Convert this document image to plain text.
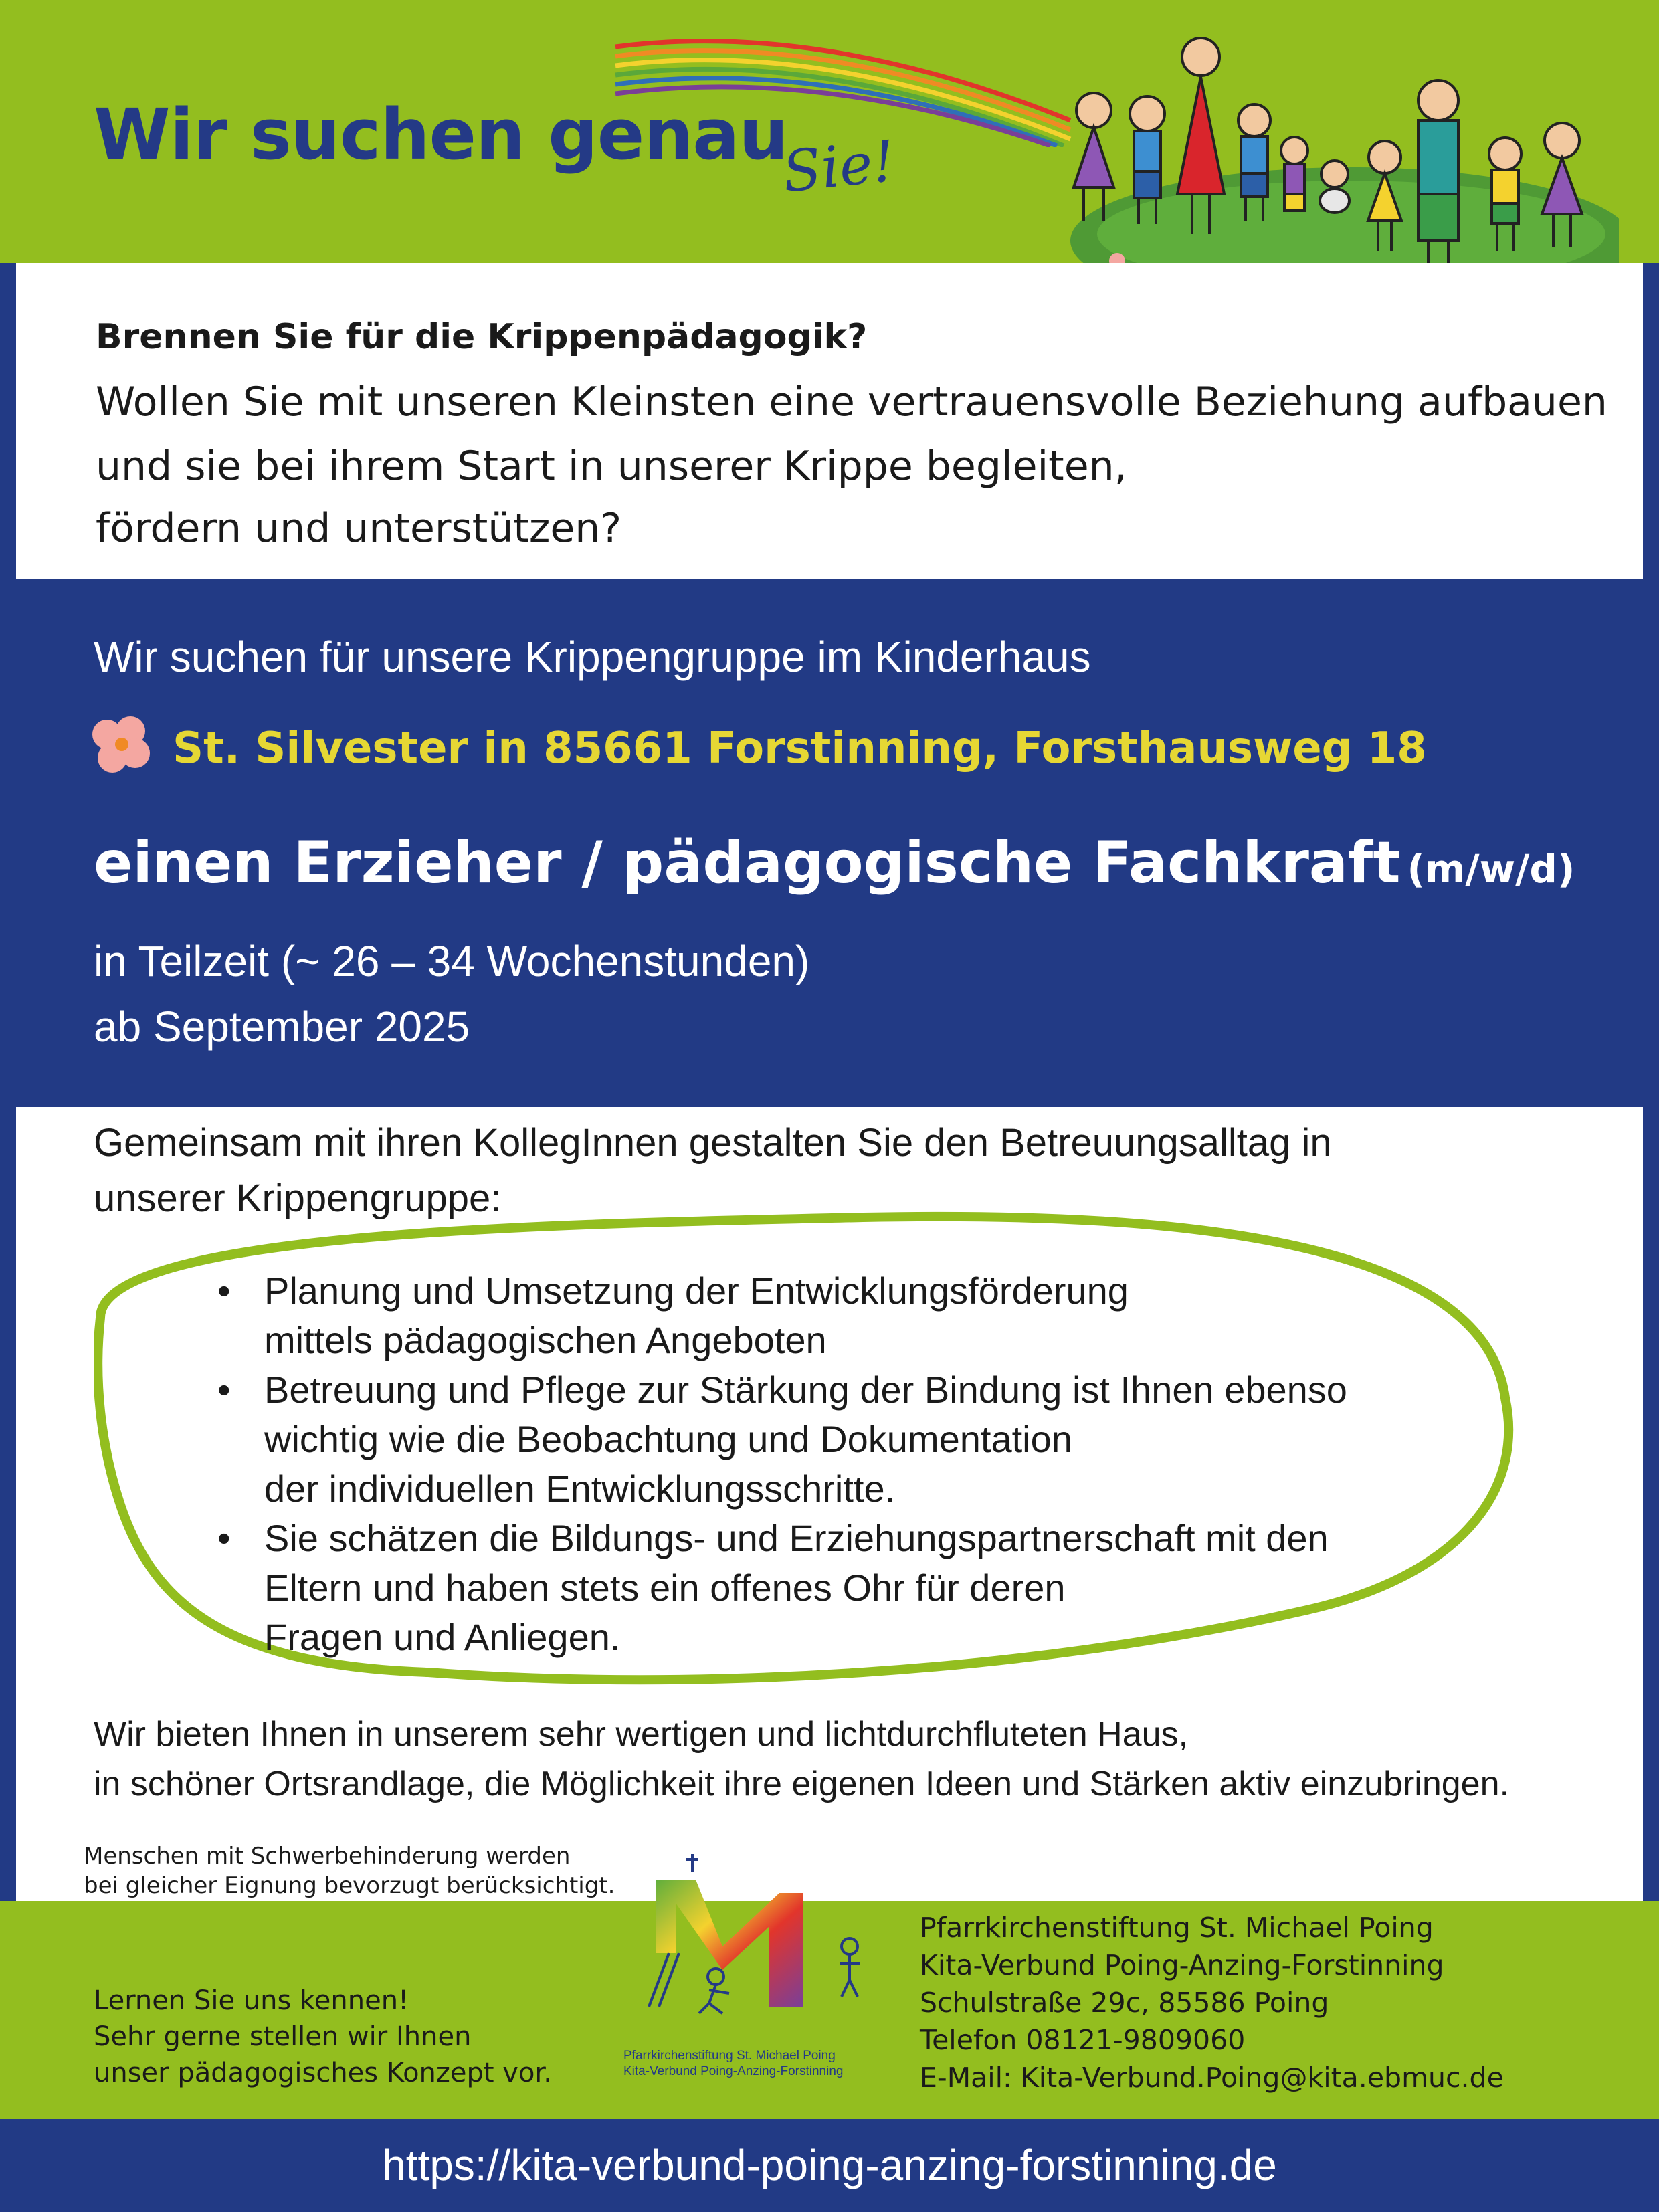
Wir suchen genau
Sie!
Brennen Sie für die Krippenpädagogik?
Wollen Sie mit unseren Kleinsten eine vertrauensvolle Beziehung aufbauen
und sie bei ihrem Start in unserer Krippe begleiten,
fördern und unterstützen?
Wir suchen für unsere Krippengruppe im Kinderhaus
St. Silvester in 85661 Forstinning, Forsthausweg 18
einen Erzieher / pädagogische Fachkraft (m/w/d)
in Teilzeit (~ 26 – 34 Wochenstunden)
ab September 2025
Gemeinsam mit ihren KollegInnen gestalten Sie den Betreuungsalltag in
unserer Krippengruppe:
• Planung und Umsetzung der Entwicklungsförderung
mittels pädagogischen Angeboten
• Betreuung und Pflege zur Stärkung der Bindung ist Ihnen ebenso
wichtig wie die Beobachtung und Dokumentation
der individuellen Entwicklungsschritte.
• Sie schätzen die Bildungs- und Erziehungspartnerschaft mit den
Eltern und haben stets ein offenes Ohr für deren
Fragen und Anliegen.
Wir bieten Ihnen in unserem sehr wertigen und lichtdurchfluteten Haus,
in schöner Ortsrandlage, die Möglichkeit ihre eigenen Ideen und Stärken aktiv einzubringen.
Menschen mit Schwerbehinderung werden
bei gleicher Eignung bevorzugt berücksichtigt.
Lernen Sie uns kennen!
Sehr gerne stellen wir Ihnen
unser pädagogisches Konzept vor.
Pfarrkirchenstiftung St. Michael Poing
Kita-Verbund Poing-Anzing-Forstinning
Pfarrkirchenstiftung St. Michael Poing
Kita-Verbund Poing-Anzing-Forstinning
Schulstraße 29c, 85586 Poing
Telefon 08121-9809060
E-Mail: Kita-Verbund.Poing@kita.ebmuc.de
https://kita-verbund-poing-anzing-forstinning.de
